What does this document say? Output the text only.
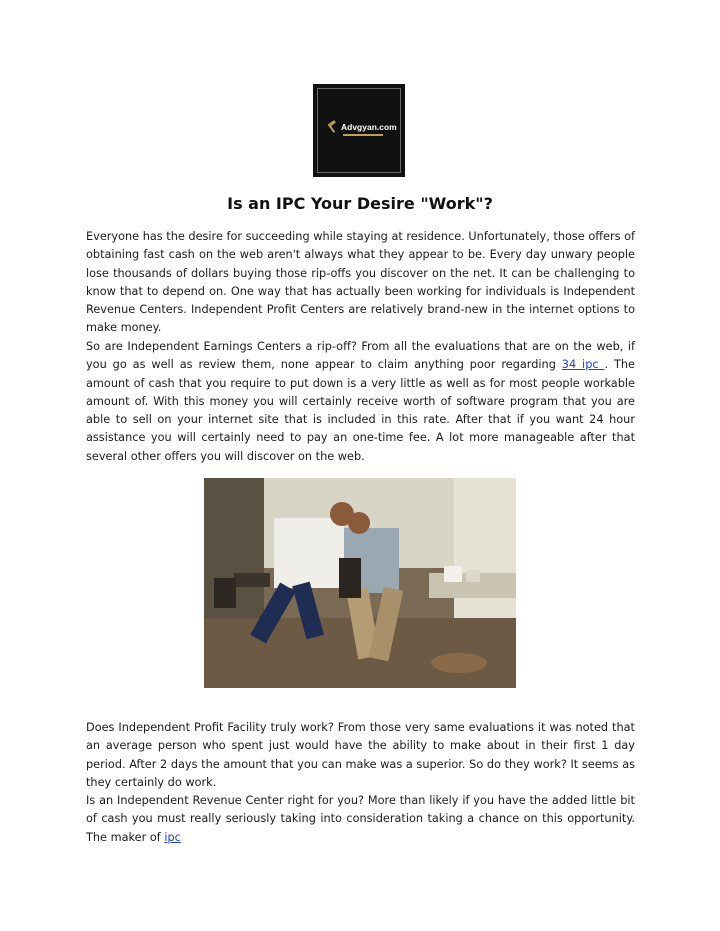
Advgyan.com
Is an IPC Your Desire "Work"?
Everyone has the desire for succeeding while staying at residence. Unfortunately, those offers of obtaining fast cash on the web aren't always what they appear to be. Every day unwary people lose thousands of dollars buying those rip-offs you discover on the net. It can be challenging to know that to depend on. One way that has actually been working for individuals is Independent Revenue Centers. Independent Profit Centers are relatively brand-new in the internet options to make money.
So are Independent Earnings Centers a rip-off? From all the evaluations that are on the web, if you go as well as review them, none appear to claim anything poor regarding 34 ipc . The amount of cash that you require to put down is a very little as well as for most people workable amount of. With this money you will certainly receive worth of software program that you are able to sell on your internet site that is included in this rate. After that if you want 24 hour assistance you will certainly need to pay an one-time fee. A lot more manageable after that several other offers you will discover on the web.
Does Independent Profit Facility truly work? From those very same evaluations it was noted that an average person who spent just would have the ability to make about in their first 1 day period. After 2 days the amount that you can make was a superior. So do they work? It seems as they certainly do work.
Is an Independent Revenue Center right for you? More than likely if you have the added little bit of cash you must really seriously taking into consideration taking a chance on this opportunity. The maker of ipc
